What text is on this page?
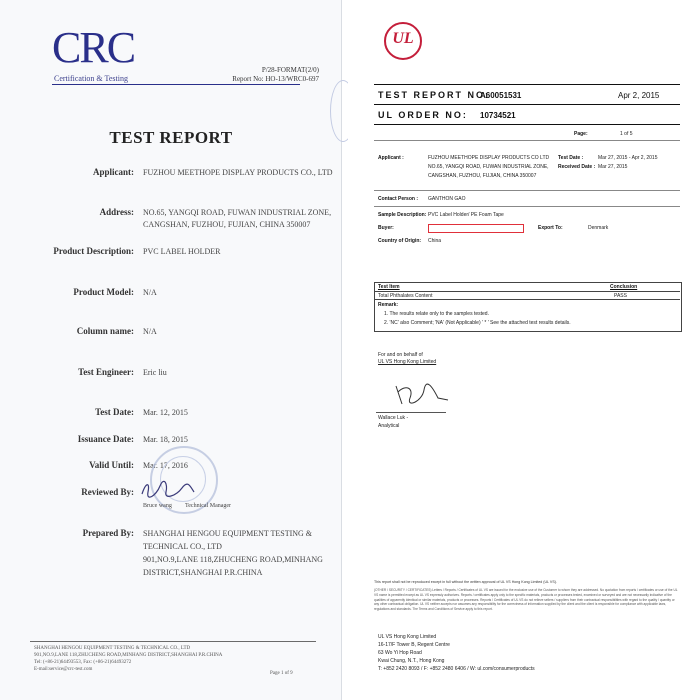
CRC
Certification & Testing
P/28-FORMAT(2/0)
Report No: HO-13/WRC0-697
TEST REPORT
Applicant: FUZHOU MEETHOPE DISPLAY PRODUCTS CO., LTD
Address: NO.65, YANGQI ROAD, FUWAN INDUSTRIAL ZONE,
CANGSHAN, FUZHOU, FUJIAN, CHINA 350007
Product Description: PVC LABEL HOLDER
Product Model: N/A
Column name: N/A
Test Engineer: Eric liu
Test Date: Mar. 12, 2015
Issuance Date: Mar. 18, 2015
Valid Until: Mar. 17, 2016
Reviewed By:
Bruce wang Technical Manager
Prepared By: SHANGHAI HENGOU EQUIPMENT TESTING &
TECHNICAL CO., LTD
901,NO.9,LANE 118,ZHUCHENG ROAD,MINHANG
DISTRICT,SHANGHAI P.R.CHINA
SHANGHAI HENGOU EQUIPMENT TESTING & TECHNICAL CO., LTD
901,NO.9,LANE 118,ZHUCHENG ROAD,MINHANG DISTRICT,SHANGHAI P.R.CHINA
Tel: (+86-21)64493553, Fax: (+86-21)64493272
E-mail:service@crc-test.com
Page 1 of 9
UL
TEST REPORT NO:
A60051531	Apr 2, 2015
UL ORDER NO: 10734521
Page:	1 of 5
Applicant :	FUZHOU MEETHOPE DISPLAY PRODUCTS CO LTD
NO.65, YANGQI ROAD, FUWAN INDUSTRIAL ZONE,
CANGSHAN, FUZHOU, FUJIAN, CHINA 350007
Test Date :	Mar 27, 2015 - Apr 2, 2015
Received Date : Mar 27, 2015
Contact Person : GANTHON GAO
Sample Description: PVC Label Holder/ PE Foam Tape
Buyer:	Export To:	Denmark
Country of Origin: China
Test Item	Conclusion
Total Phthalates Content	PASS
Remark:
1. The results relate only to the samples tested.
2. 'NC' also Comment; 'NA' (Not Applicable) ' * ' See the attached test results details.
For and on behalf of
UL VS Hong Kong Limited
Wallace Luk -
Analytical
This report shall not be reproduced except in full without the written approval of UL VS Hong Kong Limited (UL VS).
(OTHER / SECURITY / CERTIFICATES) Letters / Reports / Certificates of UL VS are issued for the exclusive use of the Customer to whom they are addressed. No quotation from reports / certificates or use of the UL VS name is permitted except as UL VS expressly authorizes. Reports / certificates apply only to the specific materials, products or processes tested, examined or surveyed and are not necessarily indicative of the qualities of apparently identical or similar materials, products or processes. Reports / Certificates of UL VS do not relieve sellers / suppliers from their contractual responsibilities with regard to the quality / quantity or any other contractual obligation. UL VS neither accepts nor assumes any responsibility for the correctness of information supplied by the client and the client is responsible for compliance with applicable laws, regulations and standards. The Terms and Conditions of Service apply to this report.
UL VS Hong Kong Limited
16-17/F Tower B, Regent Centre
63 Wo Yi Hop Road
Kwai Chung, N.T., Hong Kong
T: +852 2420 8093 / F: +852 2480 6406 / W: ul.com/consumerproducts
